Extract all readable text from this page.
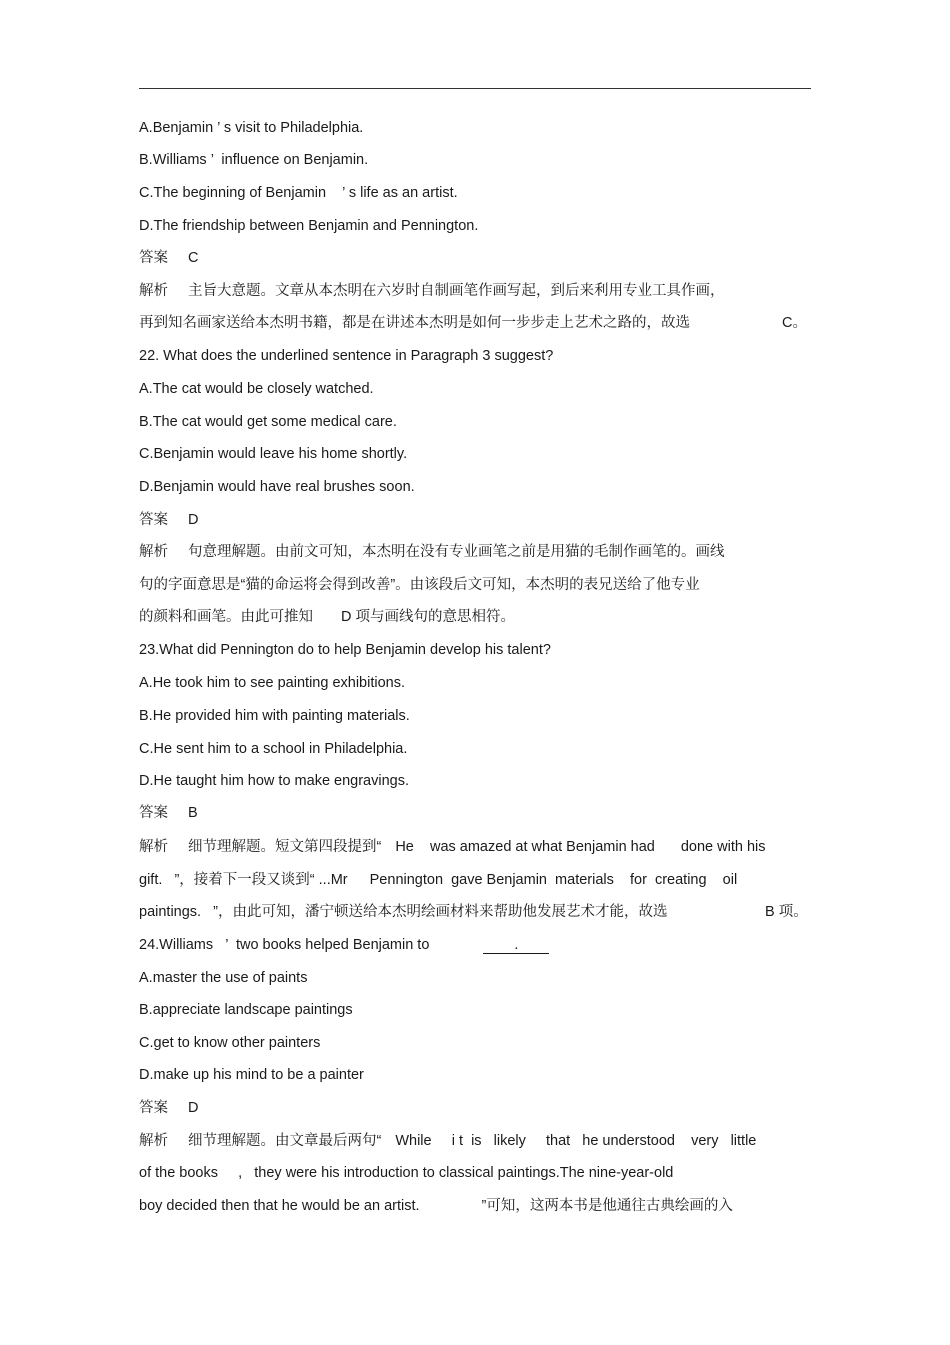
A.Benjamin ’ s visit to Philadelphia.
B.Williams ’  influence on Benjamin.
C.The beginning of Benjamin    ’ s life as an artist.
D.The friendship between Benjamin and Pennington.
答案 C
解析 主旨大意题。文章从本杰明在六岁时自制画笔作画写起，到后来利用专业工具作画，
再到知名画家送给本杰明书籍，都是在讲述本杰明是如何一步步走上艺术之路的，故选	C。
22. What does the underlined sentence in Paragraph 3 suggest?
A.The cat would be closely watched.
B.The cat would get some medical care.
C.Benjamin would leave his home shortly.
D.Benjamin would have real brushes soon.
答案 D
解析 句意理解题。由前文可知，本杰明在没有专业画笔之前是用猫的毛制作画笔的。画线
句的字面意思是“猫的命运将会得到改善”。由该段后文可知，本杰明的表兄送给了他专业
的颜料和画笔。由此可推知 D 项与画线句的意思相符。
23.What did Pennington do to help Benjamin develop his talent?
A.He took him to see painting exhibitions.
B.He provided him with painting materials.
C.He sent him to a school in Philadelphia.
D.He taught him how to make engravings.
答案 B
解析 细节理解题。短文第四段提到“ He    was amazed at what Benjamin had done with his
gift.   ”，接着下一段又谈到“ ...Mr Pennington  gave Benjamin  materials    for  creating    oil
paintings.   ”，由此可知，潘宁顿送给本杰明绘画材料来帮助他发展艺术才能，故选	B 项。
24.Williams   ’  two books helped Benjamin to	.
A.master the use of paints
B.appreciate landscape paintings
C.get to know other painters
D.make up his mind to be a painter
答案 D
解析 细节理解题。由文章最后两句“ While     i t  is   likely     that   he understood    very   little
of the books     ,   they were his introduction to classical paintings.The nine-year-old
boy decided then that he would be an artist.	”可知，这两本书是他通往古典绘画的入
